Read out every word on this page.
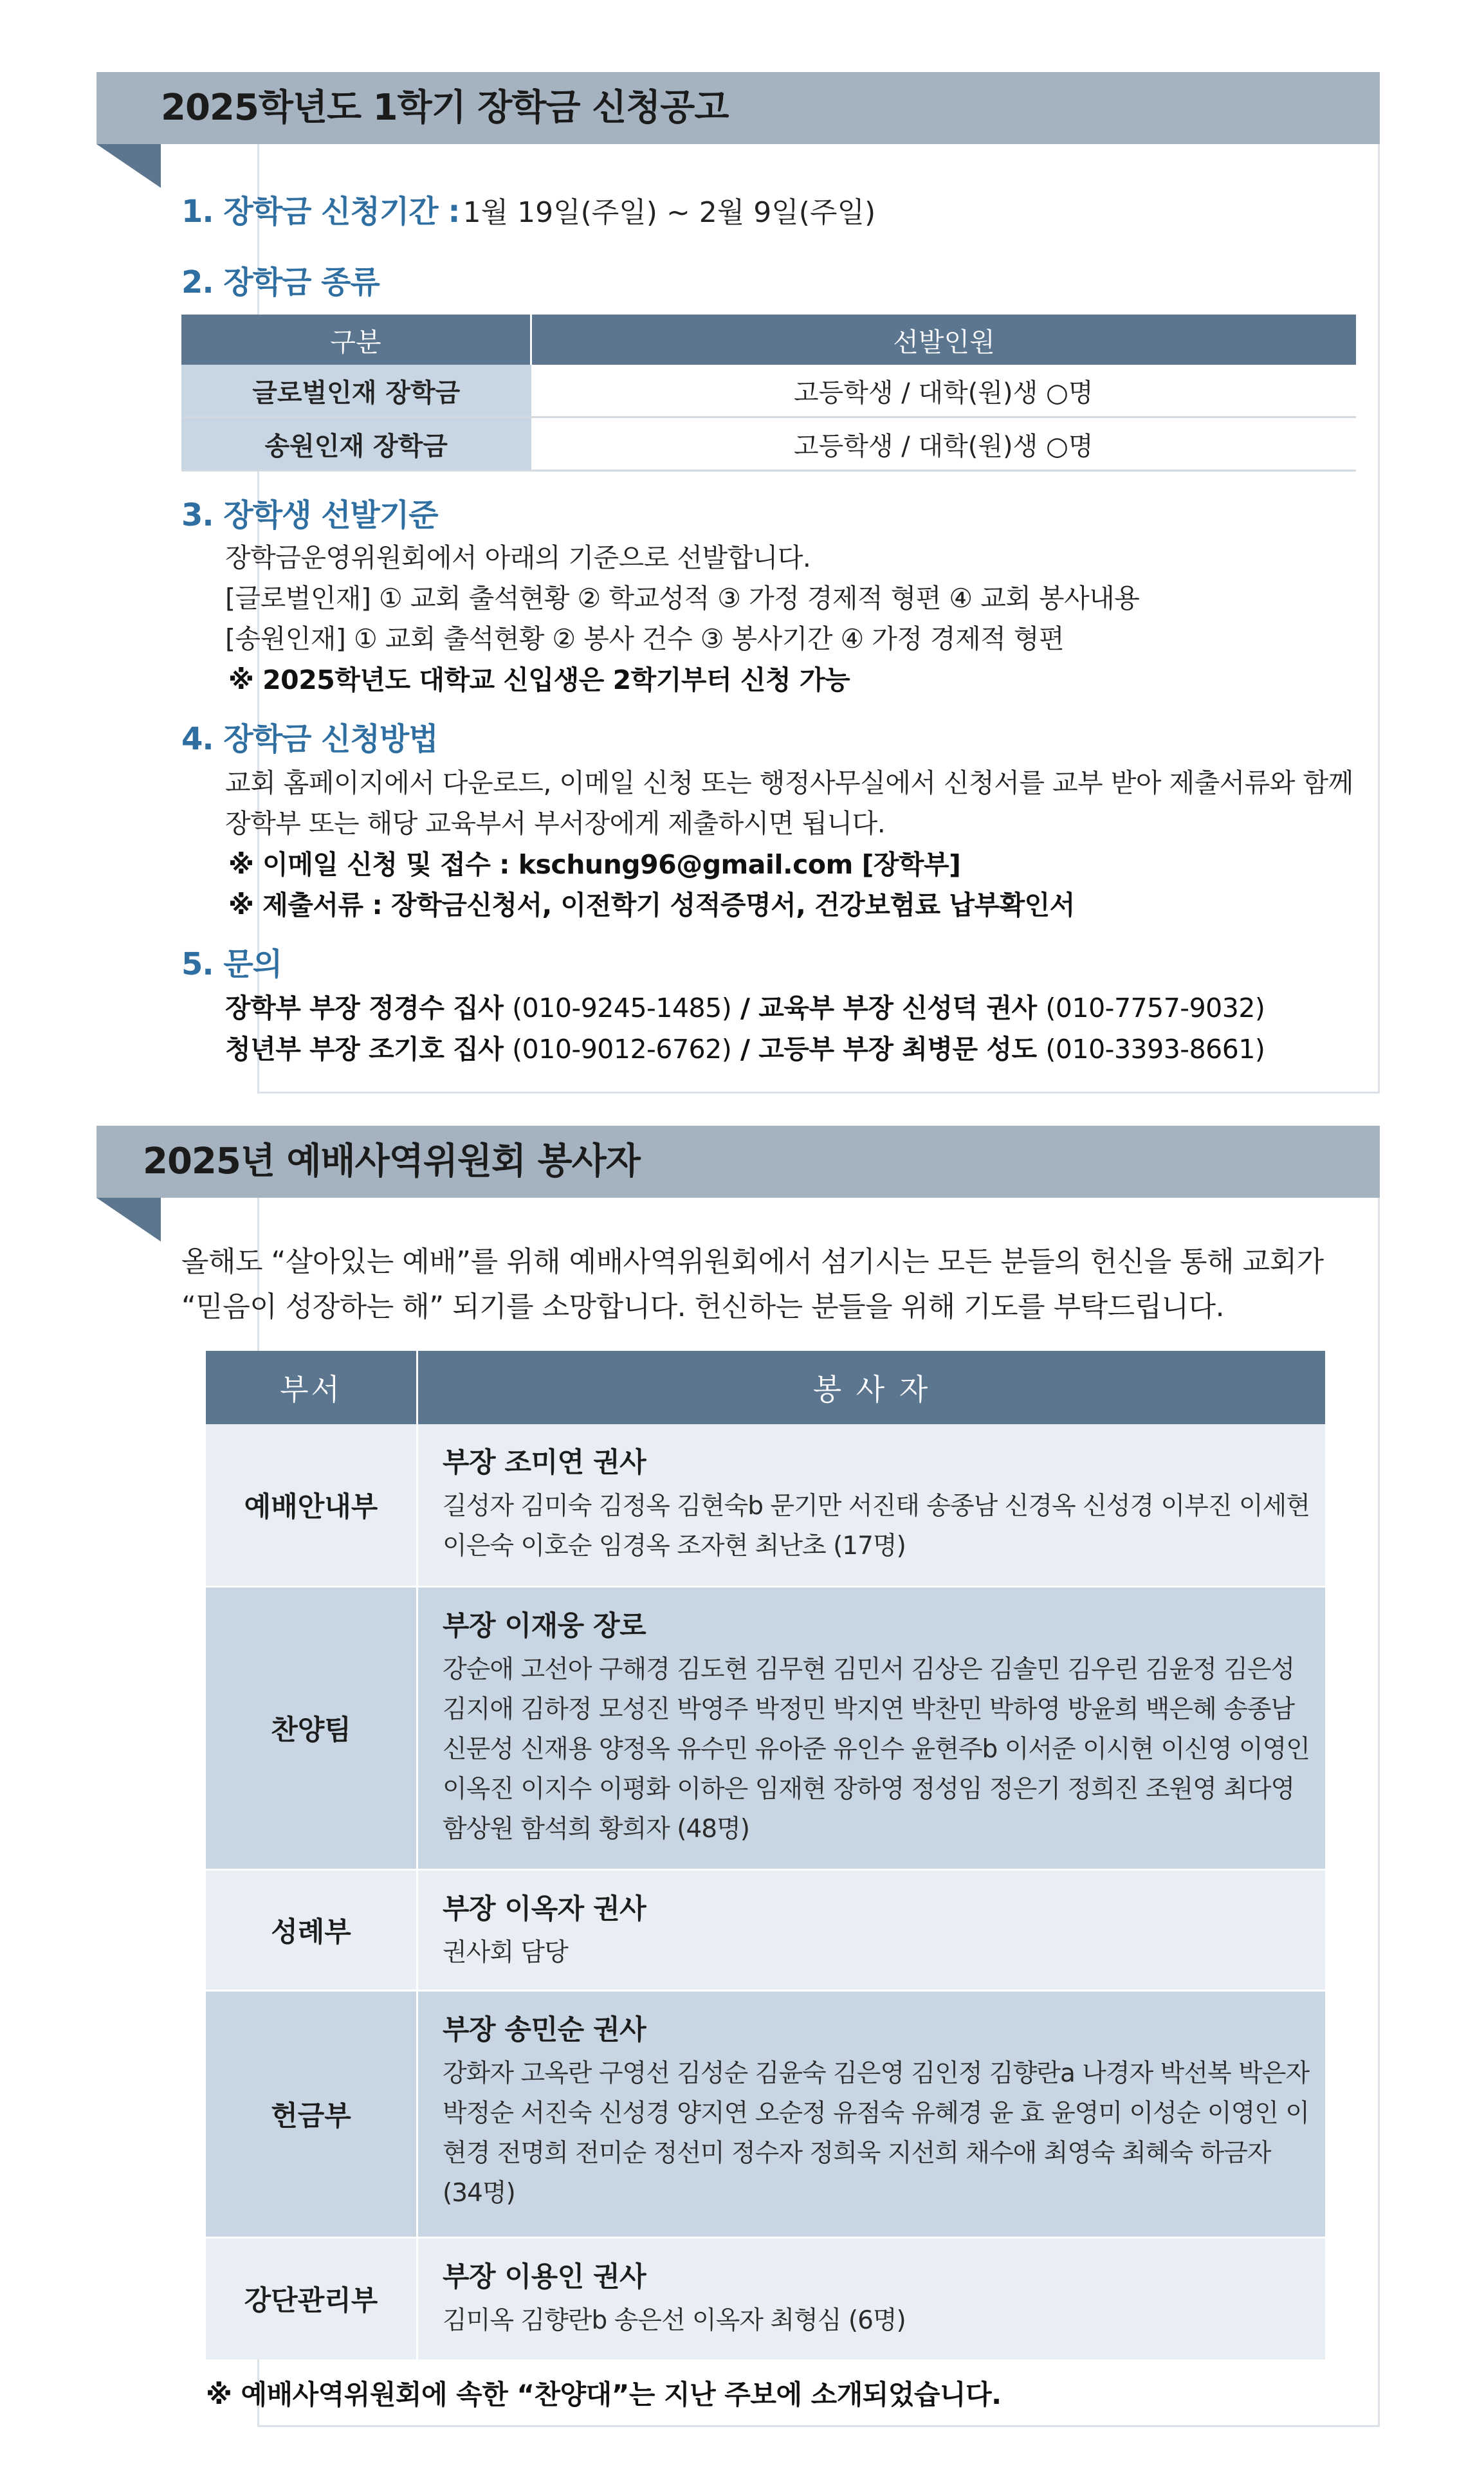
2025학년도 1학기 장학금 신청공고
1. 장학금 신청기간 : 1월 19일(주일) ~ 2월 9일(주일)
2. 장학금 종류
구분	선발인원
글로벌인재 장학금	고등학생 / 대학(원)생 ○명
송원인재 장학금	고등학생 / 대학(원)생 ○명
3. 장학생 선발기준
장학금운영위원회에서 아래의 기준으로 선발합니다.
[글로벌인재] ① 교회 출석현황 ② 학교성적 ③ 가정 경제적 형편 ④ 교회 봉사내용
[송원인재] ① 교회 출석현황 ② 봉사 건수 ③ 봉사기간 ④ 가정 경제적 형편
※ 2025학년도 대학교 신입생은 2학기부터 신청 가능
4. 장학금 신청방법
교회 홈페이지에서 다운로드, 이메일 신청 또는 행정사무실에서 신청서를 교부 받아 제출서류와 함께
장학부 또는 해당 교육부서 부서장에게 제출하시면 됩니다.
※ 이메일 신청 및 접수 : kschung96@gmail.com [장학부]
※ 제출서류 : 장학금신청서, 이전학기 성적증명서, 건강보험료 납부확인서
5. 문의
장학부 부장 정경수 집사 (010-9245-1485) / 교육부 부장 신성덕 권사 (010-7757-9032)
청년부 부장 조기호 집사 (010-9012-6762) / 고등부 부장 최병문 성도 (010-3393-8661)
2025년 예배사역위원회 봉사자
올해도 “살아있는 예배”를 위해 예배사역위원회에서 섬기시는 모든 분들의 헌신을 통해 교회가
“믿음이 성장하는 해” 되기를 소망합니다. 헌신하는 분들을 위해 기도를 부탁드립니다.
부서	봉 사 자
예배안내부	부장 조미연 권사
길성자 김미숙 김정옥 김현숙b 문기만 서진태 송종남 신경옥 신성경 이부진 이세현 이은숙 이호순 임경옥 조자현 최난초 (17명)

찬양팀	부장 이재웅 장로
강순애 고선아 구해경 김도현 김무현 김민서 김상은 김솔민 김우린 김윤정 김은성 김지애 김하정 모성진 박영주 박정민 박지연 박찬민 박하영 방윤희 백은혜 송종남 신문성 신재용 양정옥 유수민 유아준 유인수 윤현주b 이서준 이시현 이신영 이영인 이옥진 이지수 이평화 이하은 임재현 장하영 정성임 정은기 정희진 조원영 최다영 함상원 함석희 황희자 (48명)

성례부	부장 이옥자 권사
권사회 담당

헌금부	부장 송민순 권사
강화자 고옥란 구영선 김성순 김윤숙 김은영 김인정 김향란a 나경자 박선복 박은자 박정순 서진숙 신성경 양지연 오순정 유점숙 유혜경 윤 효 윤영미 이성순 이영인 이현경 전명희 전미순 정선미 정수자 정희욱 지선희 채수애 최영숙 최혜숙 하금자 (34명)

강단관리부	부장 이용인 권사
김미옥 김향란b 송은선 이옥자 최형심 (6명)
※ 예배사역위원회에 속한 “찬양대”는 지난 주보에 소개되었습니다.
